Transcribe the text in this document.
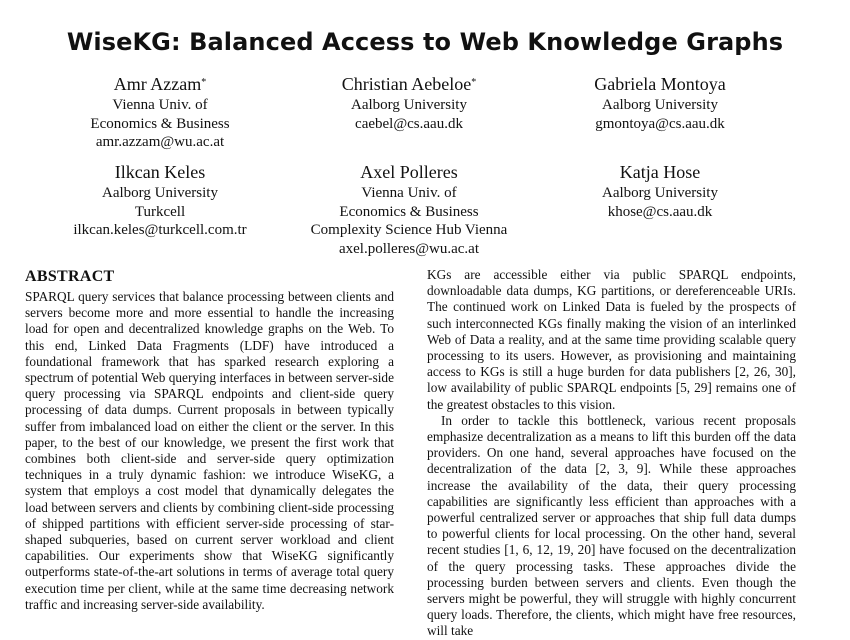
WiseKG: Balanced Access to Web Knowledge Graphs
Amr Azzam*
Vienna Univ. of
Economics & Business
amr.azzam@wu.ac.at
Christian Aebeloe*
Aalborg University
caebel@cs.aau.dk
Gabriela Montoya
Aalborg University
gmontoya@cs.aau.dk
Ilkcan Keles
Aalborg University
Turkcell
ilkcan.keles@turkcell.com.tr
Axel Polleres
Vienna Univ. of
Economics & Business
Complexity Science Hub Vienna
axel.polleres@wu.ac.at
Katja Hose
Aalborg University
khose@cs.aau.dk
ABSTRACT

SPARQL query services that balance processing between clients and servers become more and more essential to handle the increasing load for open and decentralized knowledge graphs on the Web. To this end, Linked Data Fragments (LDF) have introduced a foundational framework that has sparked research exploring a spectrum of potential Web querying interfaces in between server-side query processing via SPARQL endpoints and client-side query processing of data dumps. Current proposals in between typically suffer from imbalanced load on either the client or the server. In this paper, to the best of our knowledge, we present the first work that combines both client-side and server-side query optimization techniques in a truly dynamic fashion: we introduce WiseKG, a system that employs a cost model that dynamically delegates the load between servers and clients by combining client-side processing of shipped partitions with efficient server-side processing of star-shaped subqueries, based on current server workload and client capabilities. Our experiments show that WiseKG significantly outperforms state-of-the-art solutions in terms of average total query execution time per client, while at the same time decreasing network traffic and increasing server-side availability.

KGs are accessible either via public SPARQL endpoints, downloadable data dumps, KG partitions, or dereferenceable URIs. The continued work on Linked Data is fueled by the prospects of such interconnected KGs finally making the vision of an interlinked Web of Data a reality, and at the same time providing scalable query processing to its users. However, as provisioning and maintaining access to KGs is still a huge burden for data publishers [2, 26, 30], low availability of public SPARQL endpoints [5, 29] remains one of the greatest obstacles to this vision.

In order to tackle this bottleneck, various recent proposals emphasize decentralization as a means to lift this burden off the data providers. On one hand, several approaches have focused on the decentralization of the data [2, 3, 9]. While these approaches increase the availability of the data, their query processing capabilities are significantly less efficient than approaches with a powerful centralized server or approaches that ship full data dumps to powerful clients for local processing. On the other hand, several recent studies [1, 6, 12, 19, 20] have focused on the decentralization of the query processing tasks. These approaches divide the processing burden between servers and clients. Even though the servers might be powerful, they will struggle with highly concurrent query loads. Therefore, the clients, which might have free resources, will take
